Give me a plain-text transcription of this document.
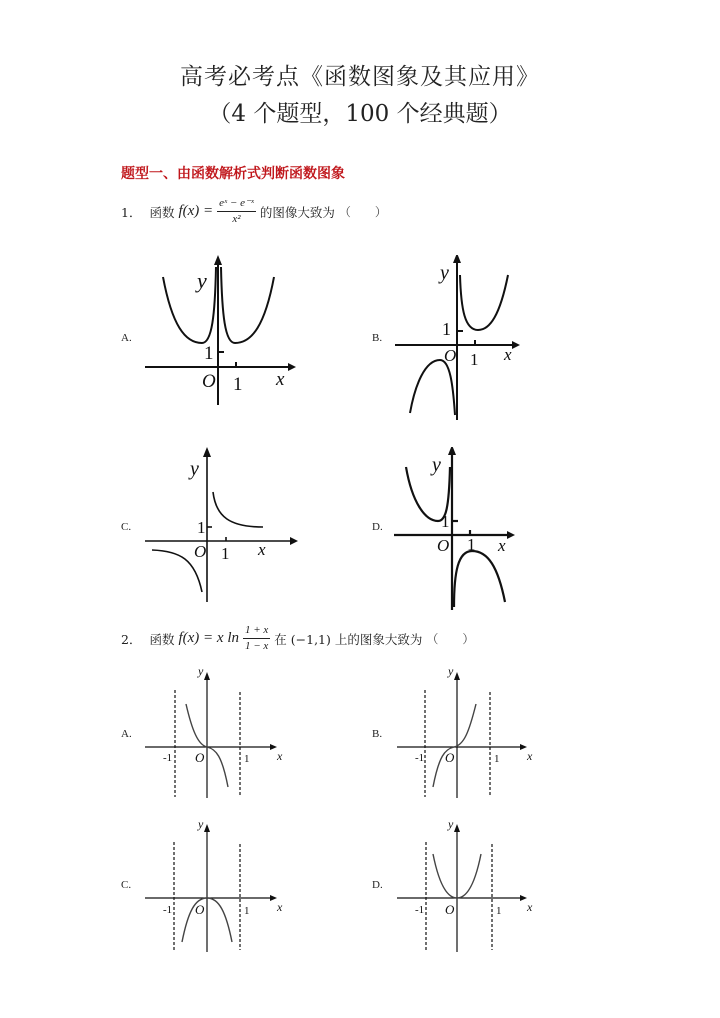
高考必考点《函数图象及其应用》
（4 个题型，100 个经典题）
题型一、由函数解析式判断函数图象
1． 函数 $f(x) = \frac{\text{eˣ − e⁻ˣ}}{\text{x²}}$ 的图像大致为 （　　）
A.	B.
C.	D.
y
1
O 1 x
y
1
O 1 x
y
1
O 1 x
y
1
O 1 x
2． 函数 f(x) = x $\ln \frac{1 + x}{1 - x}$ 在 (−1,1) 上的图象大致为 （　　）
A.	B.
C.	D.
y
-1 O	1 x
y
-1 O	1 x
y
-1 O	1 x
y
-1 O	1 x
